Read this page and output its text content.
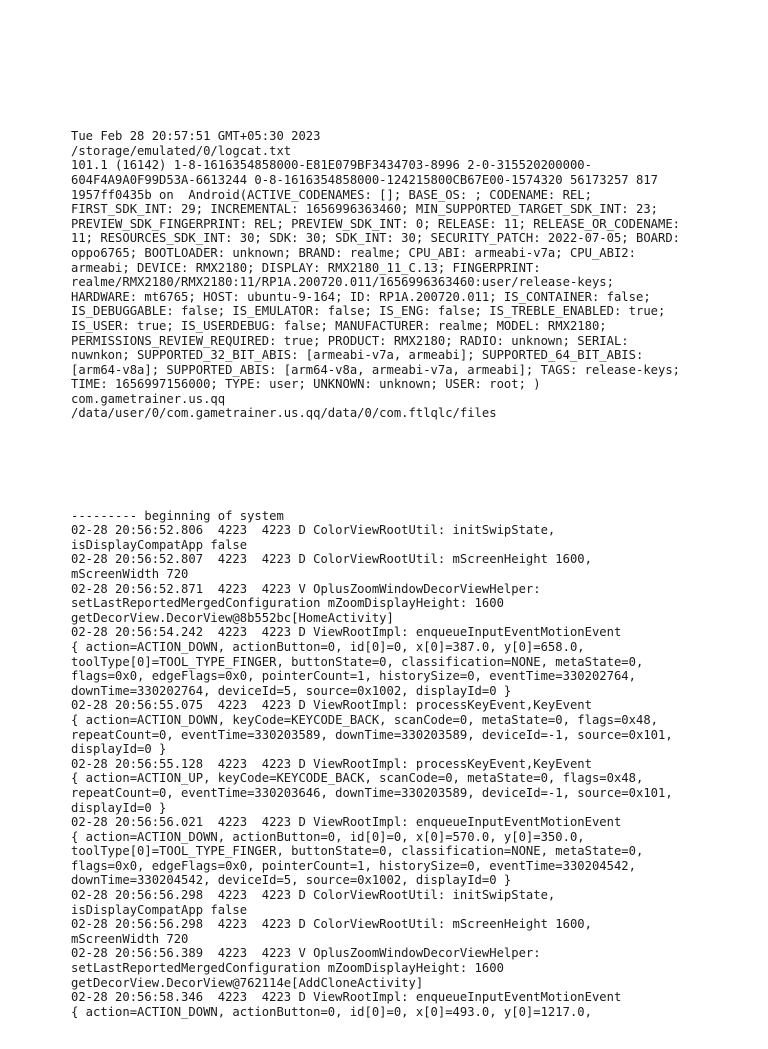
Tue Feb 28 20:57:51 GMT+05:30 2023
/storage/emulated/0/logcat.txt
101.1 (16142) 1-8-1616354858000-E81E079BF3434703-8996 2-0-315520200000-
604F4A9A0F99D53A-6613244 0-8-1616354858000-124215800CB67E00-1574320 56173257 817
1957ff0435b on  Android(ACTIVE_CODENAMES: []; BASE_OS: ; CODENAME: REL;
FIRST_SDK_INT: 29; INCREMENTAL: 1656996363460; MIN_SUPPORTED_TARGET_SDK_INT: 23;
PREVIEW_SDK_FINGERPRINT: REL; PREVIEW_SDK_INT: 0; RELEASE: 11; RELEASE_OR_CODENAME:
11; RESOURCES_SDK_INT: 30; SDK: 30; SDK_INT: 30; SECURITY_PATCH: 2022-07-05; BOARD:
oppo6765; BOOTLOADER: unknown; BRAND: realme; CPU_ABI: armeabi-v7a; CPU_ABI2:
armeabi; DEVICE: RMX2180; DISPLAY: RMX2180_11_C.13; FINGERPRINT:
realme/RMX2180/RMX2180:11/RP1A.200720.011/1656996363460:user/release-keys;
HARDWARE: mt6765; HOST: ubuntu-9-164; ID: RP1A.200720.011; IS_CONTAINER: false;
IS_DEBUGGABLE: false; IS_EMULATOR: false; IS_ENG: false; IS_TREBLE_ENABLED: true;
IS_USER: true; IS_USERDEBUG: false; MANUFACTURER: realme; MODEL: RMX2180;
PERMISSIONS_REVIEW_REQUIRED: true; PRODUCT: RMX2180; RADIO: unknown; SERIAL:
nuwnkon; SUPPORTED_32_BIT_ABIS: [armeabi-v7a, armeabi]; SUPPORTED_64_BIT_ABIS:
[arm64-v8a]; SUPPORTED_ABIS: [arm64-v8a, armeabi-v7a, armeabi]; TAGS: release-keys;
TIME: 1656997156000; TYPE: user; UNKNOWN: unknown; USER: root; )
com.gametrainer.us.qq
/data/user/0/com.gametrainer.us.qq/data/0/com.ftlqlc/files

--------- beginning of system
02-28 20:56:52.806  4223  4223 D ColorViewRootUtil: initSwipState,
isDisplayCompatApp false
02-28 20:56:52.807  4223  4223 D ColorViewRootUtil: mScreenHeight 1600,
mScreenWidth 720
02-28 20:56:52.871  4223  4223 V OplusZoomWindowDecorViewHelper:
setLastReportedMergedConfiguration mZoomDisplayHeight: 1600
getDecorView.DecorView@8b552bc[HomeActivity]
02-28 20:56:54.242  4223  4223 D ViewRootImpl: enqueueInputEventMotionEvent
{ action=ACTION_DOWN, actionButton=0, id[0]=0, x[0]=387.0, y[0]=658.0,
toolType[0]=TOOL_TYPE_FINGER, buttonState=0, classification=NONE, metaState=0,
flags=0x0, edgeFlags=0x0, pointerCount=1, historySize=0, eventTime=330202764,
downTime=330202764, deviceId=5, source=0x1002, displayId=0 }
02-28 20:56:55.075  4223  4223 D ViewRootImpl: processKeyEvent,KeyEvent
{ action=ACTION_DOWN, keyCode=KEYCODE_BACK, scanCode=0, metaState=0, flags=0x48,
repeatCount=0, eventTime=330203589, downTime=330203589, deviceId=-1, source=0x101,
displayId=0 }
02-28 20:56:55.128  4223  4223 D ViewRootImpl: processKeyEvent,KeyEvent
{ action=ACTION_UP, keyCode=KEYCODE_BACK, scanCode=0, metaState=0, flags=0x48,
repeatCount=0, eventTime=330203646, downTime=330203589, deviceId=-1, source=0x101,
displayId=0 }
02-28 20:56:56.021  4223  4223 D ViewRootImpl: enqueueInputEventMotionEvent
{ action=ACTION_DOWN, actionButton=0, id[0]=0, x[0]=570.0, y[0]=350.0,
toolType[0]=TOOL_TYPE_FINGER, buttonState=0, classification=NONE, metaState=0,
flags=0x0, edgeFlags=0x0, pointerCount=1, historySize=0, eventTime=330204542,
downTime=330204542, deviceId=5, source=0x1002, displayId=0 }
02-28 20:56:56.298  4223  4223 D ColorViewRootUtil: initSwipState,
isDisplayCompatApp false
02-28 20:56:56.298  4223  4223 D ColorViewRootUtil: mScreenHeight 1600,
mScreenWidth 720
02-28 20:56:56.389  4223  4223 V OplusZoomWindowDecorViewHelper:
setLastReportedMergedConfiguration mZoomDisplayHeight: 1600
getDecorView.DecorView@762114e[AddCloneActivity]
02-28 20:56:58.346  4223  4223 D ViewRootImpl: enqueueInputEventMotionEvent
{ action=ACTION_DOWN, actionButton=0, id[0]=0, x[0]=493.0, y[0]=1217.0,
